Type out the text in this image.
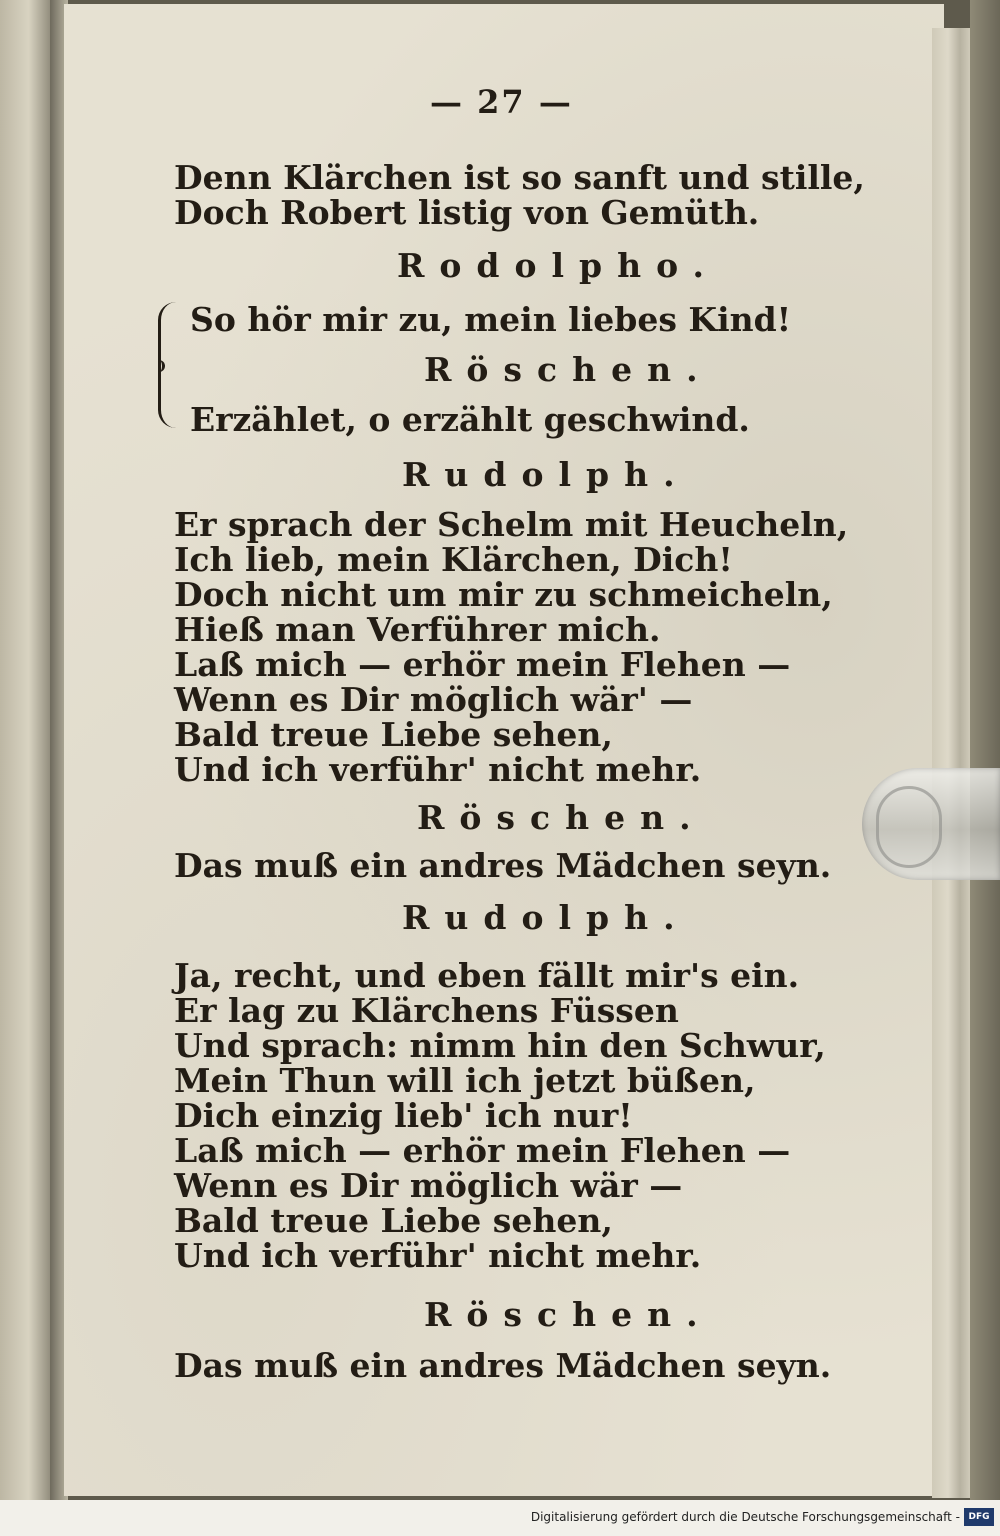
— 27 —
Denn Klärchen ist so sanft und stille,
Doch Robert listig von Gemüth.
Rodolpho.
So hör mir zu, mein liebes Kind!
Röschen.
Erzählet, o erzählt geschwind.
Rudolph.
Er sprach der Schelm mit Heucheln,
Ich lieb, mein Klärchen, Dich!
Doch nicht um mir zu schmeicheln,
Hieß man Verführer mich.
Laß mich — erhör mein Flehen —
Wenn es Dir möglich wär' —
Bald treue Liebe sehen,
Und ich verführ' nicht mehr.
Röschen.
Das muß ein andres Mädchen seyn.
Rudolph.
Ja, recht, und eben fällt mir's ein.
Er lag zu Klärchens Füssen
Und sprach: nimm hin den Schwur,
Mein Thun will ich jetzt büßen,
Dich einzig lieb' ich nur!
Laß mich — erhör mein Flehen —
Wenn es Dir möglich wär —
Bald treue Liebe sehen,
Und ich verführ' nicht mehr.
Röschen.
Das muß ein andres Mädchen seyn.
Digitalisierung gefördert durch die Deutsche Forschungsgemeinschaft - DFG
